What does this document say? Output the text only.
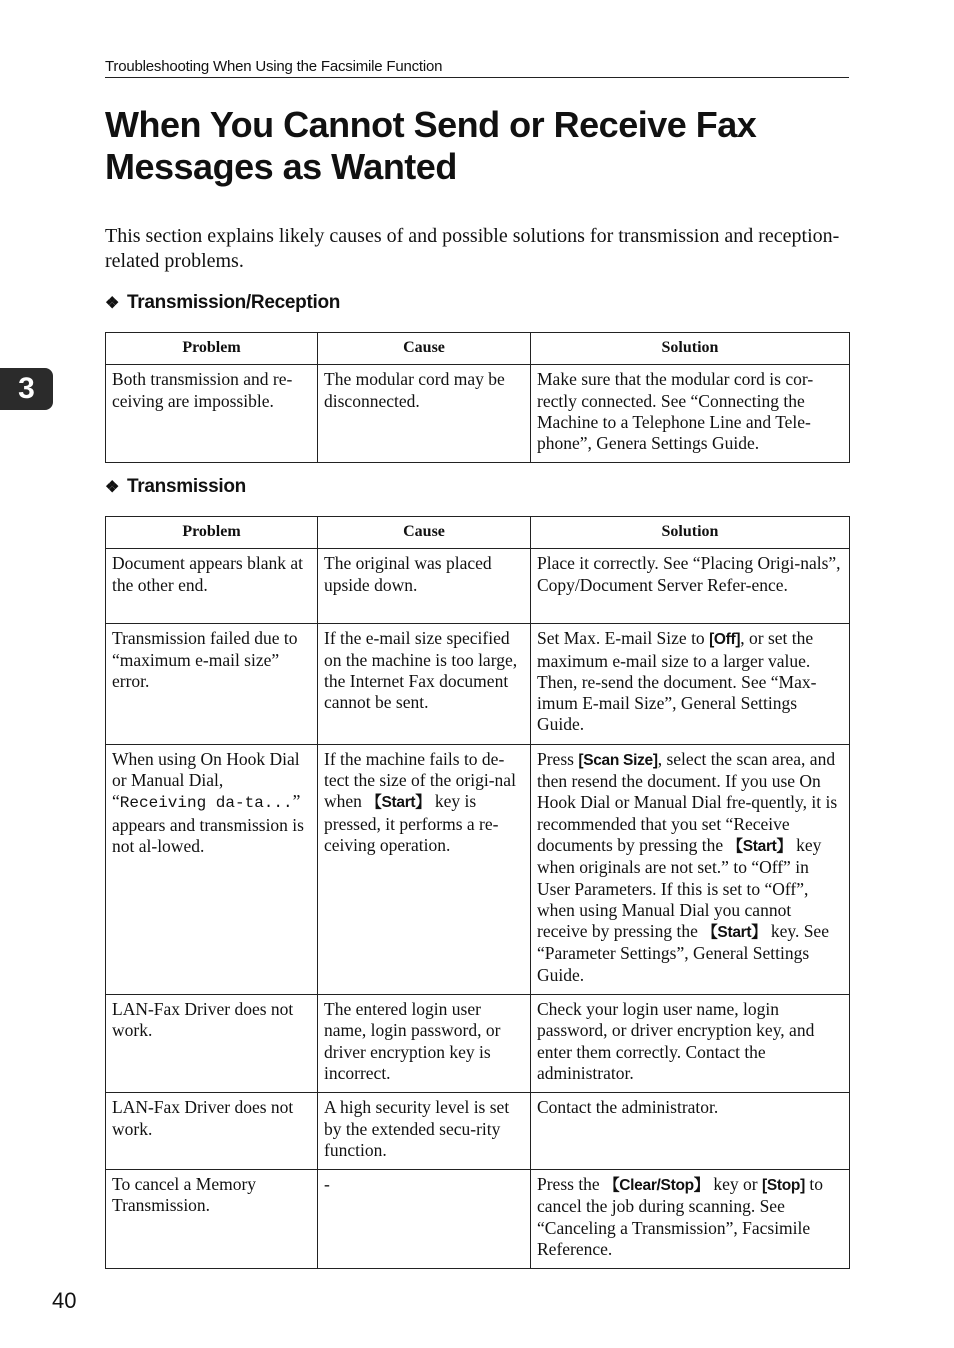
Troubleshooting When Using the Facsimile Function
When You Cannot Send or Receive Fax
Messages as Wanted

This section explains likely causes of and possible solutions for transmission and reception-related problems.

3
❖ Transmission/Reception
Problem	Cause	Solution
Both transmission and re-ceiving are impossible.	The modular cord may be disconnected.	Make sure that the modular cord is cor-rectly connected. See “Connecting the Machine to a Telephone Line and Tele-phone”, Genera Settings Guide.
❖ Transmission
Problem	Cause	Solution
Document appears blank at the other end.	The original was placed upside down.	Place it correctly. See “Placing Origi-nals”, Copy/Document Server Refer-ence.
Transmission failed due to “maximum e-mail size” error.	If the e-mail size specified on the machine is too large, the Internet Fax document cannot be sent.	Set Max. E-mail Size to [Off], or set the maximum e-mail size to a larger value. Then, re-send the document. See “Max-imum E-mail Size”, General Settings Guide.
When using On Hook Dial or Manual Dial, “Receiving da-ta...” appears and transmission is not al-lowed.	If the machine fails to de-tect the size of the origi-nal when 【Start】 key is pressed, it performs a re-ceiving operation.	Press [Scan Size], select the scan area, and then resend the document. If you use On Hook Dial or Manual Dial fre-quently, it is recommended that you set “Receive documents by pressing the 【Start】 key when originals are not set.” to “Off” in User Parameters. If this is set to “Off”, when using Manual Dial you cannot receive by pressing the 【Start】 key. See “Parameter Settings”, General Settings Guide.
LAN-Fax Driver does not work.	The entered login user name, login password, or driver encryption key is incorrect.	Check your login user name, login password, or driver encryption key, and enter them correctly. Contact the administrator.
LAN-Fax Driver does not work.	A high security level is set by the extended secu-rity function.	Contact the administrator.
To cancel a Memory Transmission.	-	Press the 【Clear/Stop】 key or [Stop] to cancel the job during scanning. See “Canceling a Transmission”, Facsimile Reference.
40
